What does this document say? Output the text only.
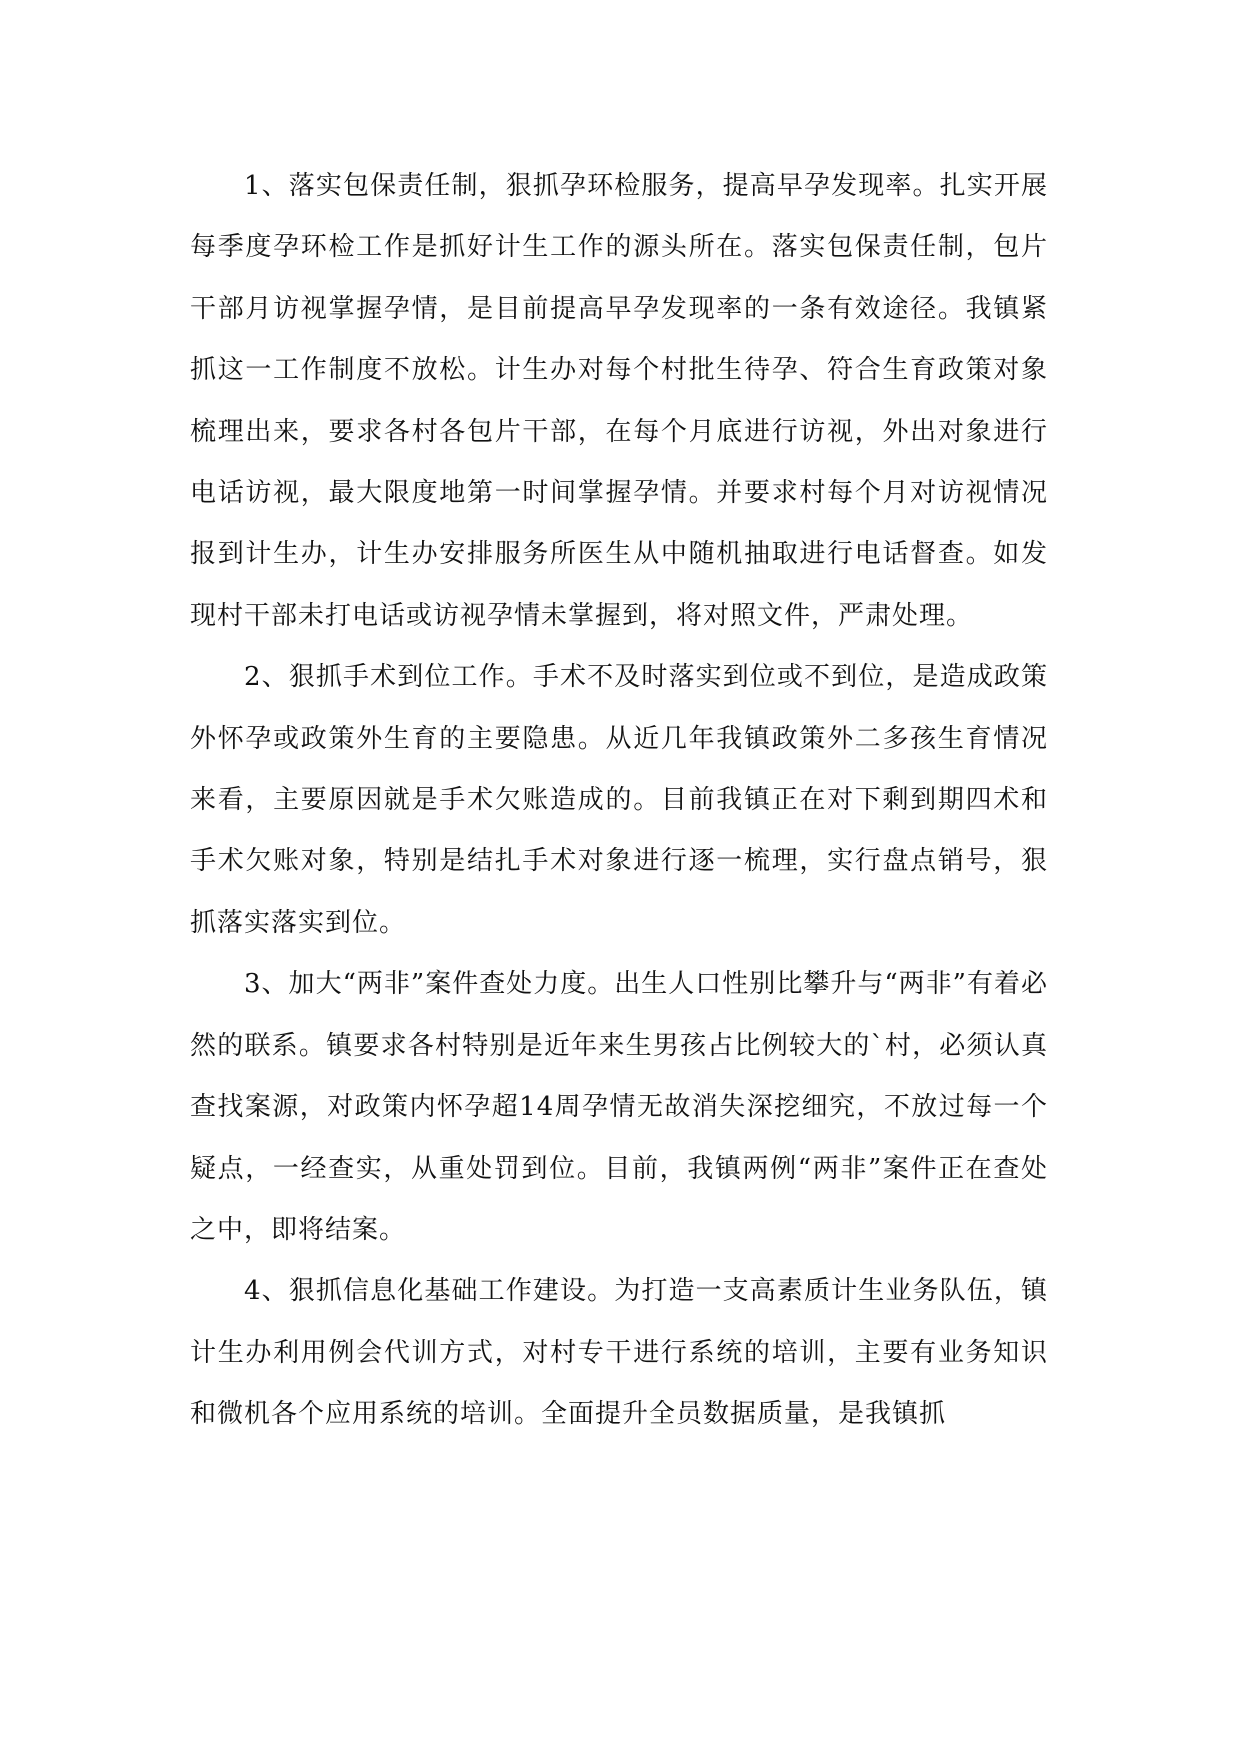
1、落实包保责任制，狠抓孕环检服务，提高早孕发现率。扎实开展每季度孕环检工作是抓好计生工作的源头所在。落实包保责任制，包片干部月访视掌握孕情，是目前提高早孕发现率的一条有效途径。我镇紧抓这一工作制度不放松。计生办对每个村批生待孕、符合生育政策对象梳理出来，要求各村各包片干部，在每个月底进行访视，外出对象进行电话访视，最大限度地第一时间掌握孕情。并要求村每个月对访视情况报到计生办，计生办安排服务所医生从中随机抽取进行电话督查。如发现村干部未打电话或访视孕情未掌握到，将对照文件，严肃处理。

2、狠抓手术到位工作。手术不及时落实到位或不到位，是造成政策外怀孕或政策外生育的主要隐患。从近几年我镇政策外二多孩生育情况来看，主要原因就是手术欠账造成的。目前我镇正在对下剩到期四术和手术欠账对象，特别是结扎手术对象进行逐一梳理，实行盘点销号，狠抓落实落实到位。

3、加大“两非”案件查处力度。出生人口性别比攀升与“两非”有着必然的联系。镇要求各村特别是近年来生男孩占比例较大的`村，必须认真查找案源，对政策内怀孕超14周孕情无故消失深挖细究，不放过每一个疑点，一经查实，从重处罚到位。目前，我镇两例“两非”案件正在查处之中，即将结案。

4、狠抓信息化基础工作建设。为打造一支高素质计生业务队伍，镇计生办利用例会代训方式，对村专干进行系统的培训，主要有业务知识和微机各个应用系统的培训。全面提升全员数据质量，是我镇抓
